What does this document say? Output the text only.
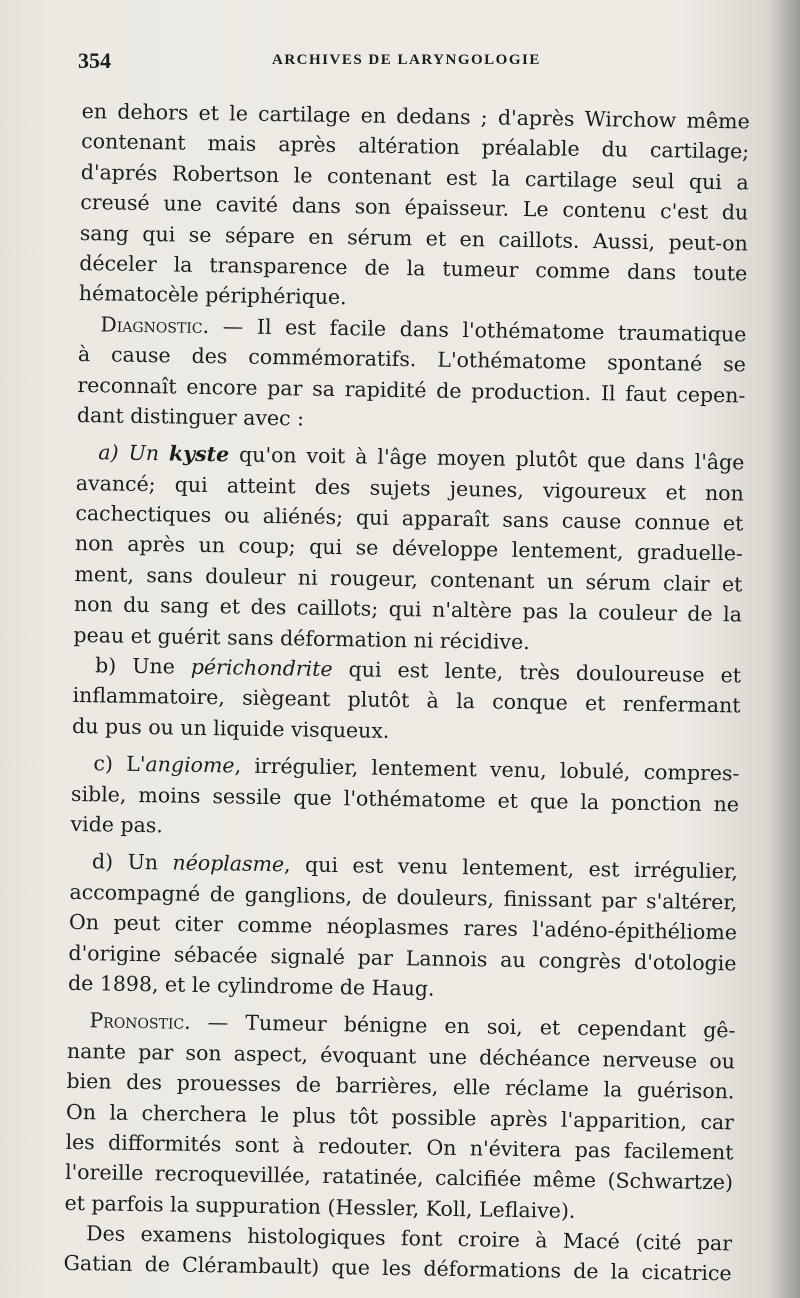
354	ARCHIVES DE LARYNGOLOGIE
en dehors et le cartilage en dedans ; d'après Wirchow même
contenant mais après altération préalable du cartilage;
d'aprés Robertson le contenant est la cartilage seul qui a
creusé une cavité dans son épaisseur. Le contenu c'est du
sang qui se sépare en sérum et en caillots. Aussi, peut-on
déceler la transparence de la tumeur comme dans toute
hématocèle périphérique.
Diagnostic. — Il est facile dans l'othématome traumatique
à cause des commémoratifs. L'othématome spontané se
reconnaît encore par sa rapidité de production. Il faut cepen-
dant distinguer avec :
a) Un kyste qu'on voit à l'âge moyen plutôt que dans l'âge
avancé; qui atteint des sujets jeunes, vigoureux et non
cachectiques ou aliénés; qui apparaît sans cause connue et
non après un coup; qui se développe lentement, graduelle-
ment, sans douleur ni rougeur, contenant un sérum clair et
non du sang et des caillots; qui n'altère pas la couleur de la
peau et guérit sans déformation ni récidive.
b) Une périchondrite qui est lente, très douloureuse et
inflammatoire, siègeant plutôt à la conque et renfermant
du pus ou un liquide visqueux.
c) L'angiome, irrégulier, lentement venu, lobulé, compres-
sible, moins sessile que l'othématome et que la ponction ne
vide pas.
d) Un néoplasme, qui est venu lentement, est irrégulier,
accompagné de ganglions, de douleurs, finissant par s'altérer,
On peut citer comme néoplasmes rares l'adéno-épithéliome
d'origine sébacée signalé par Lannois au congrès d'otologie
de 1898, et le cylindrome de Haug.
Pronostic. — Tumeur bénigne en soi, et cependant gê-
nante par son aspect, évoquant une déchéance nerveuse ou
bien des prouesses de barrières, elle réclame la guérison.
On la cherchera le plus tôt possible après l'apparition, car
les difformités sont à redouter. On n'évitera pas facilement
l'oreille recroquevillée, ratatinée, calcifiée même (Schwartze)
et parfois la suppuration (Hessler, Koll, Leflaive).
Des examens histologiques font croire à Macé (cité par
Gatian de Clérambault) que les déformations de la cicatrice
